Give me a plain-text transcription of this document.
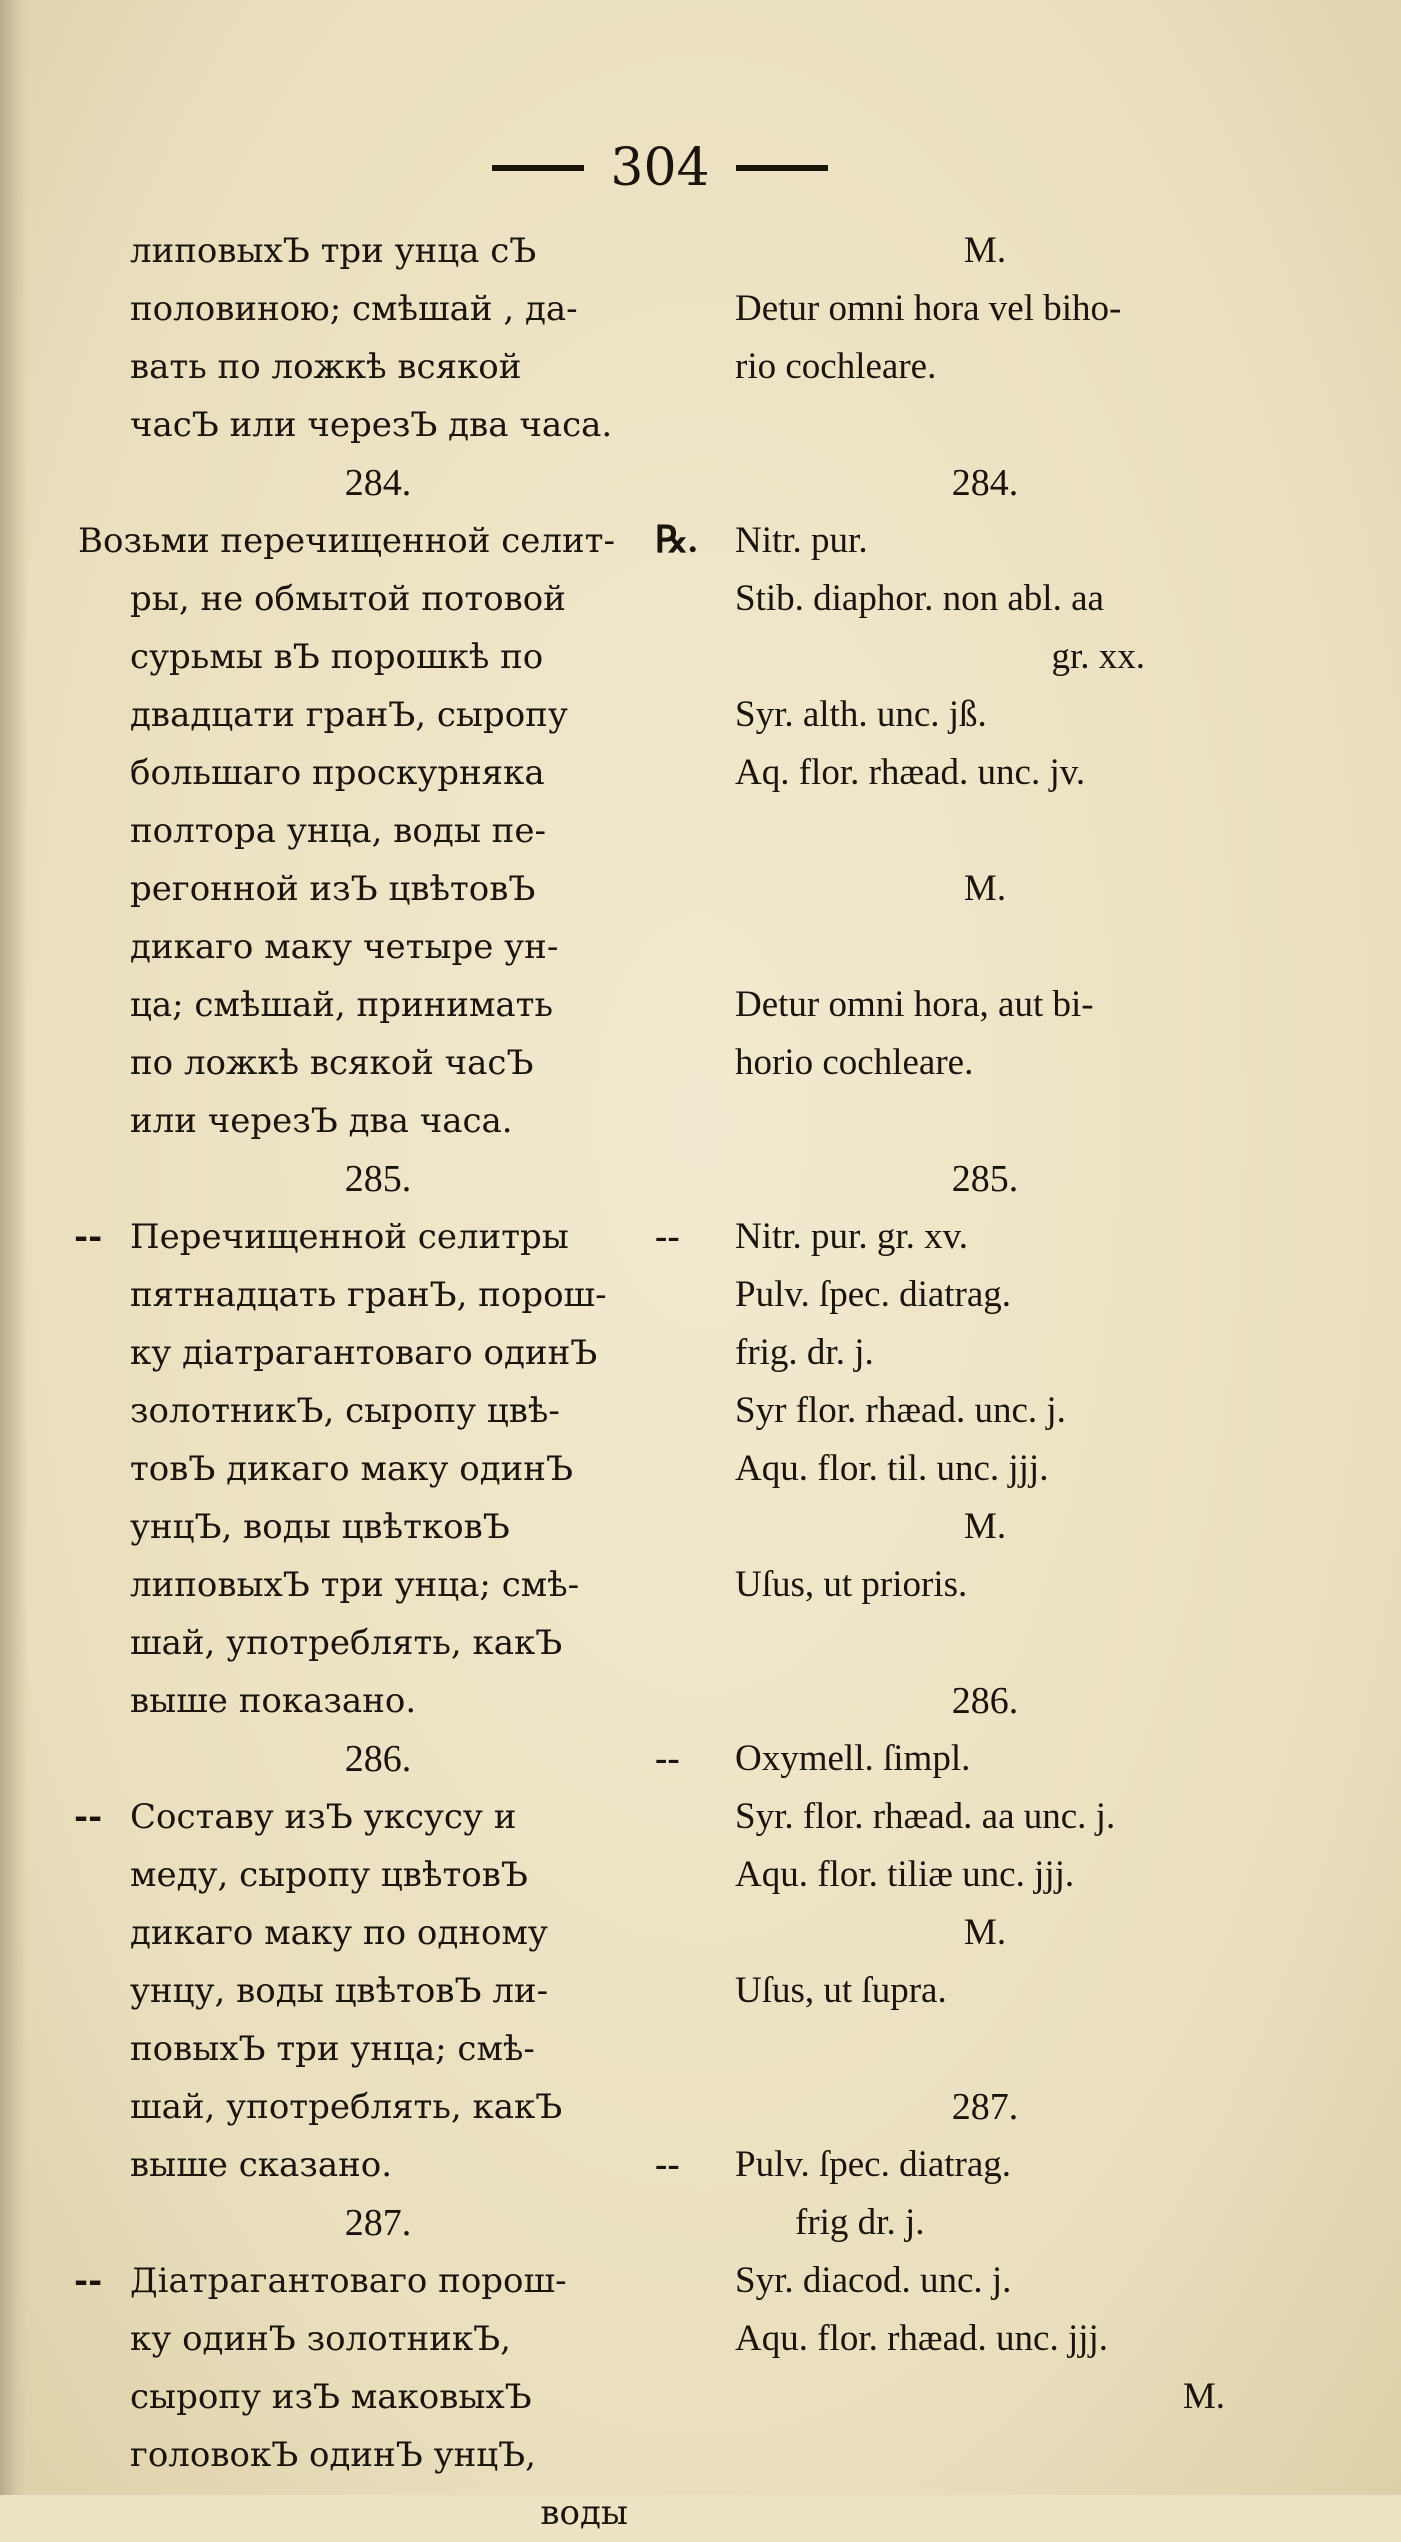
304
липовыхЪ три унца сЪ
половиною; смѣшай , да-
вать по ложкѣ всякой
часЪ или черезЪ два часа.
284.
Возьми перечищенной селит-
ры, не обмытой потовой
сурьмы вЪ порошкѣ по
двадцати гранЪ, сыропу
большаго проскурняка
полтора унца, воды пе-
регонной изЪ цвѣтовЪ
дикаго маку четыре ун-
ца; смѣшай, принимать
по ложкѣ всякой часЪ
или черезЪ два часа.
285.
-- Перечищенной селитры
пятнадцать гранЪ, порош-
ку діатрагантоваго одинЪ
золотникЪ, сыропу цвѣ-
товЪ дикаго маку одинЪ
унцЪ, воды цвѣтковЪ
липовыхЪ три унца; смѣ-
шай, употреблять, какЪ
выше показано.
286.
-- Составу изЪ уксусу и
меду, сыропу цвѣтовЪ
дикаго маку по одному
унцу, воды цвѣтовЪ ли-
повыхЪ три унца; смѣ-
шай, употреблять, какЪ
выше сказано.
287.
-- Діатрагантоваго порош-
ку одинЪ золотникЪ,
сыропу изЪ маковыхЪ
головокЪ одинЪ унцЪ,
воды
M.
Detur omni hora vel biho-
rio cochleare.
284.
℞. Nitr. pur.
Stib. diaphor. non abl. aa
gr. xx.
Syr. alth. unc. jß.
Aq. flor. rhæad. unc. jv.
M.
Detur omni hora, aut bi-
horio cochleare.
285.
-- Nitr. pur. gr. xv.
Pulv. ſpec. diatrag.
frig. dr. j.
Syr flor. rhæad. unc. j.
Aqu. flor. til. unc. jjj.
M.
Uſus, ut prioris.
286.
-- Oxymell. ſimpl.
Syr. flor. rhæad. aa unc. j.
Aqu. flor. tiliæ unc. jjj.
M.
Uſus, ut ſupra.
287.
-- Pulv. ſpec. diatrag.
frig dr. j.
Syr. diacod. unc. j.
Aqu. flor. rhæad. unc. jjj.
M.
